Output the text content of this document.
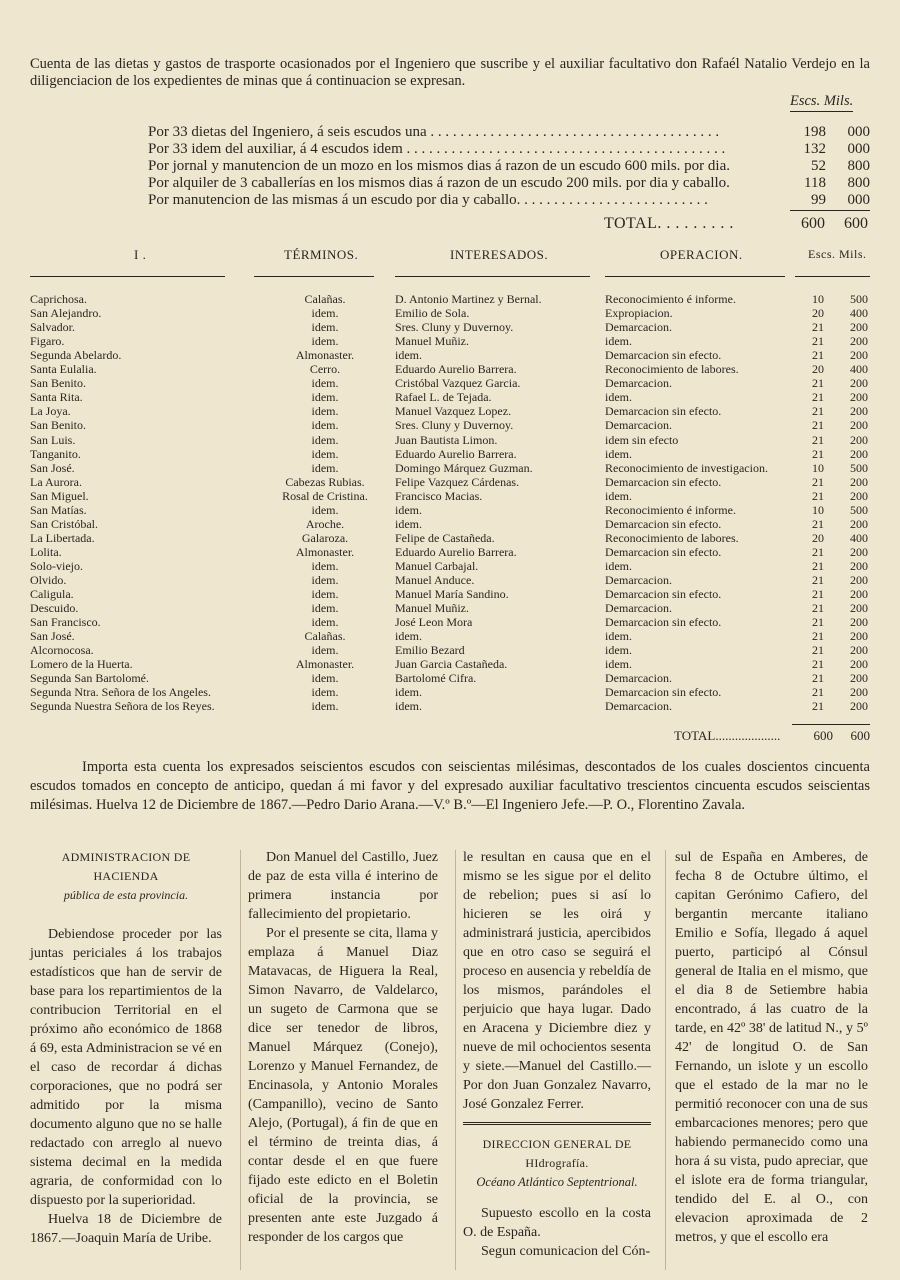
Cuenta de las dietas y gastos de trasporte ocasionados por el Ingeniero que suscribe y el auxiliar facultativo don Rafaél Natalio Verdejo en la diligenciacion de los expedientes de minas que á continuacion se expresan.
Escs. Mils.
Por 33 dietas del Ingeniero, á seis escudos una . . . . . . . . . . . . . . . . . . . . . . . . . . . . . . . . . . . . . . .	198	000
Por 33 idem del auxiliar, á 4 escudos idem . . . . . . . . . . . . . . . . . . . . . . . . . . . . . . . . . . . . . . . . . . .	132	000
Por jornal y manutencion de un mozo en los mismos dias á razon de un escudo 600 mils. por dia.	52	800
Por alquiler de 3 caballerías en los mismos dias á razon de un escudo 200 mils. por dia y caballo.	118	800
Por manutencion de las mismas á un escudo por dia y caballo. . . . . . . . . . . . . . . . . . . . . . . . . .	99	000
TOTAL. . . . . . . . .	600	600
I .	TÉRMINOS.	INTERESADOS.	OPERACION.	Escs. Mils.
Caprichosa.	Calañas.	D. Antonio Martinez y Bernal.	Reconocimiento é informe.	10	500
San Alejandro.	idem.	Emilio de Sola.	Expropiacion.	20	400
Salvador.	idem.	Sres. Cluny y Duvernoy.	Demarcacion.	21	200
Figaro.	idem.	Manuel Muñiz.	idem.	21	200
Segunda Abelardo.	Almonaster.	idem.	Demarcacion sin efecto.	21	200
Santa Eulalia.	Cerro.	Eduardo Aurelio Barrera.	Reconocimiento de labores.	20	400
San Benito.	idem.	Cristóbal Vazquez Garcia.	Demarcacion.	21	200
Santa Rita.	idem.	Rafael L. de Tejada.	idem.	21	200
La Joya.	idem.	Manuel Vazquez Lopez.	Demarcacion sin efecto.	21	200
San Benito.	idem.	Sres. Cluny y Duvernoy.	Demarcacion.	21	200
San Luis.	idem.	Juan Bautista Limon.	idem sin efecto	21	200
Tanganito.	idem.	Eduardo Aurelio Barrera.	idem.	21	200
San José.	idem.	Domingo Márquez Guzman.	Reconocimiento de investigacion.	10	500
La Aurora.	Cabezas Rubias.	Felipe Vazquez Cárdenas.	Demarcacion sin efecto.	21	200
San Miguel.	Rosal de Cristina.	Francisco Macias.	idem.	21	200
San Matías.	idem.	idem.	Reconocimiento é informe.	10	500
San Cristóbal.	Aroche.	idem.	Demarcacion sin efecto.	21	200
La Libertada.	Galaroza.	Felipe de Castañeda.	Reconocimiento de labores.	20	400
Lolita.	Almonaster.	Eduardo Aurelio Barrera.	Demarcacion sin efecto.	21	200
Solo-viejo.	idem.	Manuel Carbajal.	idem.	21	200
Olvido.	idem.	Manuel Anduce.	Demarcacion.	21	200
Caligula.	idem.	Manuel María Sandino.	Demarcacion sin efecto.	21	200
Descuido.	idem.	Manuel Muñiz.	Demarcacion.	21	200
San Francisco.	idem.	José Leon Mora	Demarcacion sin efecto.	21	200
San José.	Calañas.	idem.	idem.	21	200
Alcornocosa.	idem.	Emilio Bezard	idem.	21	200
Lomero de la Huerta.	Almonaster.	Juan Garcia Castañeda.	idem.	21	200
Segunda San Bartolomé.	idem.	Bartolomé Cifra.	Demarcacion.	21	200
Segunda Ntra. Señora de los Angeles.	idem.	idem.	Demarcacion sin efecto.	21	200
Segunda Nuestra Señora de los Reyes.	idem.	idem.	Demarcacion.	21	200
TOTAL....................	600	600
Importa esta cuenta los expresados seiscientos escudos con seiscientas milésimas, descontados de los cuales doscientos cincuenta escudos tomados en concepto de anticipo, quedan á mi favor y del expresado auxiliar facultativo trescientos cincuenta escudos seiscientas milésimas. Huelva 12 de Diciembre de 1867.—Pedro Dario Arana.—V.º B.º—El Ingeniero Jefe.—P. O., Florentino Zavala.
ADMINISTRACION DE HACIENDA
pública de esta provincia.

Debiendose proceder por las juntas periciales á los trabajos estadísticos que han de servir de base para los repartimientos de la contribucion Territorial en el próximo año económico de 1868 á 69, esta Administracion se vé en el caso de recordar á dichas corporaciones, que no podrá ser admitido por la misma documento alguno que no se halle redactado con arreglo al nuevo sistema decimal en la medida agraria, de conformidad con lo dispuesto por la superioridad.

Huelva 18 de Diciembre de 1867.—Joaquin María de Uribe.

Don Manuel del Castillo, Juez de paz de esta villa é interino de primera instancia por fallecimiento del propietario.

Por el presente se cita, llama y emplaza á Manuel Diaz Matavacas, de Higuera la Real, Simon Navarro, de Valdelarco, un sugeto de Carmona que se dice ser tenedor de libros, Manuel Márquez (Conejo), Lorenzo y Manuel Fernandez, de Encinasola, y Antonio Morales (Campanillo), vecino de Santo Alejo, (Portugal), á fin de que en el término de treinta dias, á contar desde el en que fuere fijado este edicto en el Boletin oficial de la provincia, se presenten ante este Juzgado á responder de los cargos que

le resultan en causa que en el mismo se les sigue por el delito de rebelion; pues si así lo hicieren se les oirá y administrará justicia, apercibidos que en otro caso se seguirá el proceso en ausencia y rebeldía de los mismos, parándoles el perjuicio que haya lugar. Dado en Aracena y Diciembre diez y nueve de mil ochocientos sesenta y siete.—Manuel del Castillo.—Por don Juan Gonzalez Navarro, José Gonzalez Ferrer.

DIRECCION GENERAL DE HIdrografía.
Océano Atlántico Septentrional.

Supuesto escollo en la costa O. de España.

Segun comunicacion del Cón-

sul de España en Amberes, de fecha 8 de Octubre último, el capitan Gerónimo Cafiero, del bergantin mercante italiano Emilio e Sofía, llegado á aquel puerto, participó al Cónsul general de Italia en el mismo, que el dia 8 de Setiembre habia encontrado, á las cuatro de la tarde, en 42º 38' de latitud N., y 5º 42' de longitud O. de San Fernando, un islote y un escollo que el estado de la mar no le permitió reconocer con una de sus embarcaciones menores; pero que habiendo permanecido como una hora á su vista, pudo apreciar, que el islote era de forma triangular, tendido del E. al O., con elevacion aproximada de 2 metros, y que el escollo era
